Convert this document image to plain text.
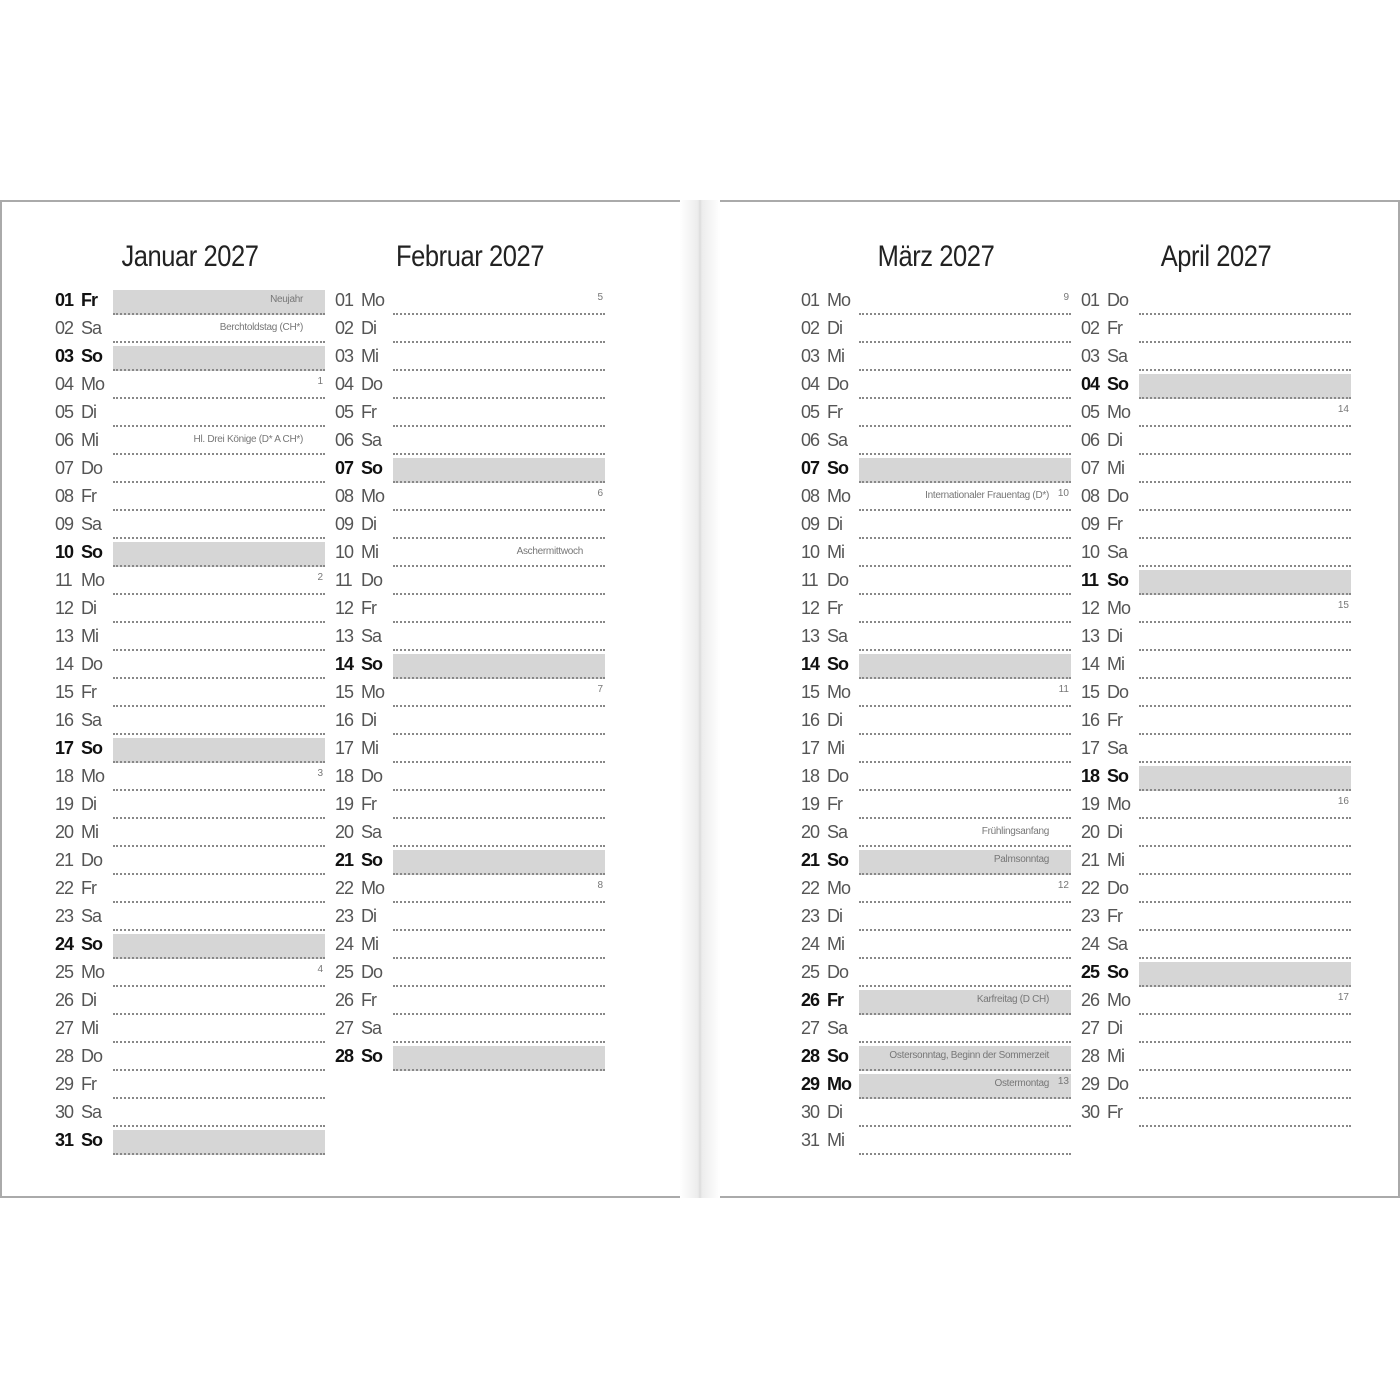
Januar 2027
01 Fr	Neujahr
02 Sa	Berchtoldstag (CH*)
03 So
04 Mo	1
05 Di
06 Mi	Hl. Drei Könige (D* A CH*)
07 Do
08 Fr
09 Sa
10 So
11 Mo	2
12 Di
13 Mi
14 Do
15 Fr
16 Sa
17 So
18 Mo	3
19 Di
20 Mi
21 Do
22 Fr
23 Sa
24 So
25 Mo	4
26 Di
27 Mi
28 Do
29 Fr
30 Sa
31 So
Februar 2027
01 Mo	5
02 Di
03 Mi
04 Do
05 Fr
06 Sa
07 So
08 Mo	6
09 Di
10 Mi	Aschermittwoch
11 Do
12 Fr
13 Sa
14 So
15 Mo	7
16 Di
17 Mi
18 Do
19 Fr
20 Sa
21 So
22 Mo	8
23 Di
24 Mi
25 Do
26 Fr
27 Sa
28 So
März 2027
01 Mo	9
02 Di
03 Mi
04 Do
05 Fr
06 Sa
07 So
08 Mo	Internationaler Frauentag (D*) 10
09 Di
10 Mi
11 Do
12 Fr
13 Sa
14 So
15 Mo	11
16 Di
17 Mi
18 Do
19 Fr
20 Sa	Frühlingsanfang
21 So	Palmsonntag
22 Mo	12
23 Di
24 Mi
25 Do
26 Fr	Karfreitag (D CH)
27 Sa
28 So	Ostersonntag, Beginn der Sommerzeit
29 Mo	Ostermontag 13
30 Di
31 Mi
April 2027
01 Do
02 Fr
03 Sa
04 So
05 Mo	14
06 Di
07 Mi
08 Do
09 Fr
10 Sa
11 So
12 Mo	15
13 Di
14 Mi
15 Do
16 Fr
17 Sa
18 So
19 Mo	16
20 Di
21 Mi
22 Do
23 Fr
24 Sa
25 So
26 Mo	17
27 Di
28 Mi
29 Do
30 Fr
